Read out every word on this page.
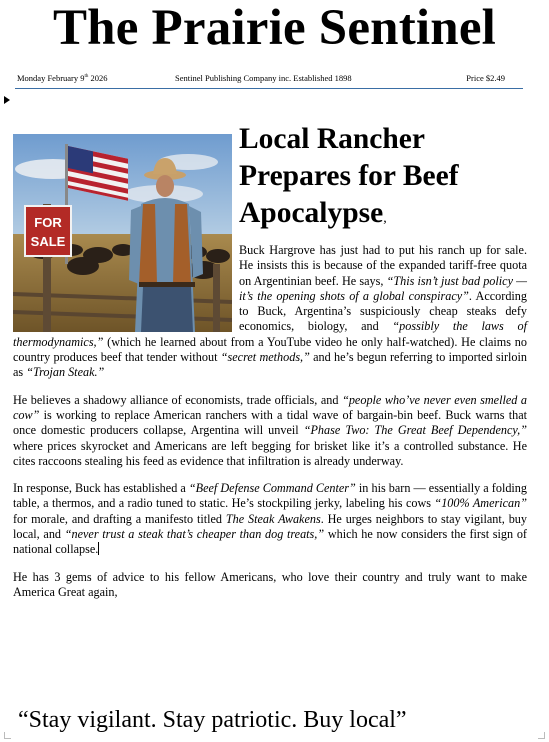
The Prairie Sentinel
Monday February 9th 2026	Sentinel Publishing Company inc. Established 1898	Price $2.49
FOR
SALE
Local Rancher Prepares for Beef Apocalypse,

Buck Hargrove has just had to put his ranch up for sale. He insists this is because of the expanded tariff-free quota on Argentinian beef. He says, “This isn’t just bad policy — it’s the opening shots of a global conspiracy”. According to Buck, Argentina’s suspiciously cheap steaks defy economics, biology, and “possibly the laws of thermodynamics,” (which he learned about from a YouTube video he only half-watched). He claims no country produces beef that tender without “secret methods,” and he’s begun referring to imported sirloin as “Trojan Steak.”

He believes a shadowy alliance of economists, trade officials, and “people who’ve never even smelled a cow” is working to replace American ranchers with a tidal wave of bargain-bin beef. Buck warns that once domestic producers collapse, Argentina will unveil “Phase Two: The Great Beef Dependency,” where prices skyrocket and Americans are left begging for brisket like it’s a controlled substance. He cites raccoons stealing his feed as evidence that infiltration is already underway.

In response, Buck has established a “Beef Defense Command Center” in his barn — essentially a folding table, a thermos, and a radio tuned to static. He’s stockpiling jerky, labeling his cows “100% American” for morale, and drafting a manifesto titled The Steak Awakens. He urges neighbors to stay vigilant, buy local, and “never trust a steak that’s cheaper than dog treats,” which he now considers the first sign of national collapse.

He has 3 gems of advice to his fellow Americans, who love their country and truly want to make America Great again,

“Stay vigilant. Stay patriotic. Buy local”
